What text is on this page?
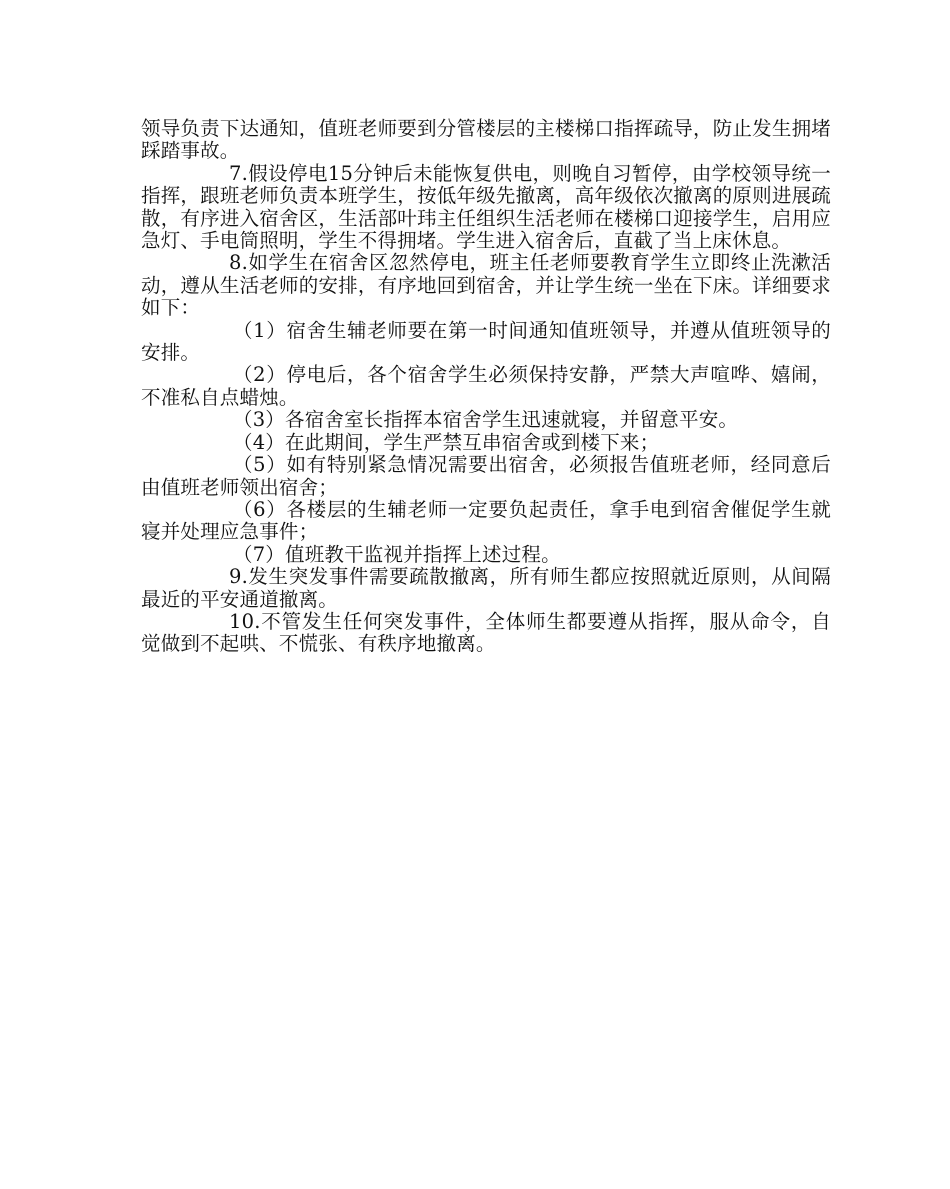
领导负责下达通知，值班老师要到分管楼层的主楼梯口指挥疏导，防止发生拥堵踩踏事故。

7.假设停电15分钟后未能恢复供电，则晚自习暂停，由学校领导统一指挥，跟班老师负责本班学生，按低年级先撤离，高年级依次撤离的原则进展疏散，有序进入宿舍区，生活部叶玮主任组织生活老师在楼梯口迎接学生，启用应急灯、手电筒照明，学生不得拥堵。学生进入宿舍后，直截了当上床休息。

8.如学生在宿舍区忽然停电，班主任老师要教育学生立即终止洗漱活动，遵从生活老师的安排，有序地回到宿舍，并让学生统一坐在下床。详细要求如下：

（1）宿舍生辅老师要在第一时间通知值班领导，并遵从值班领导的安排。

（2）停电后，各个宿舍学生必须保持安静，严禁大声喧哗、嬉闹，不准私自点蜡烛。

（3）各宿舍室长指挥本宿舍学生迅速就寝，并留意平安。

（4）在此期间，学生严禁互串宿舍或到楼下来；

（5）如有特别紧急情况需要出宿舍，必须报告值班老师，经同意后由值班老师领出宿舍；

（6）各楼层的生辅老师一定要负起责任，拿手电到宿舍催促学生就寝并处理应急事件；

（7）值班教干监视并指挥上述过程。

9.发生突发事件需要疏散撤离，所有师生都应按照就近原则，从间隔最近的平安通道撤离。

10.不管发生任何突发事件，全体师生都要遵从指挥，服从命令，自觉做到不起哄、不慌张、有秩序地撤离。
